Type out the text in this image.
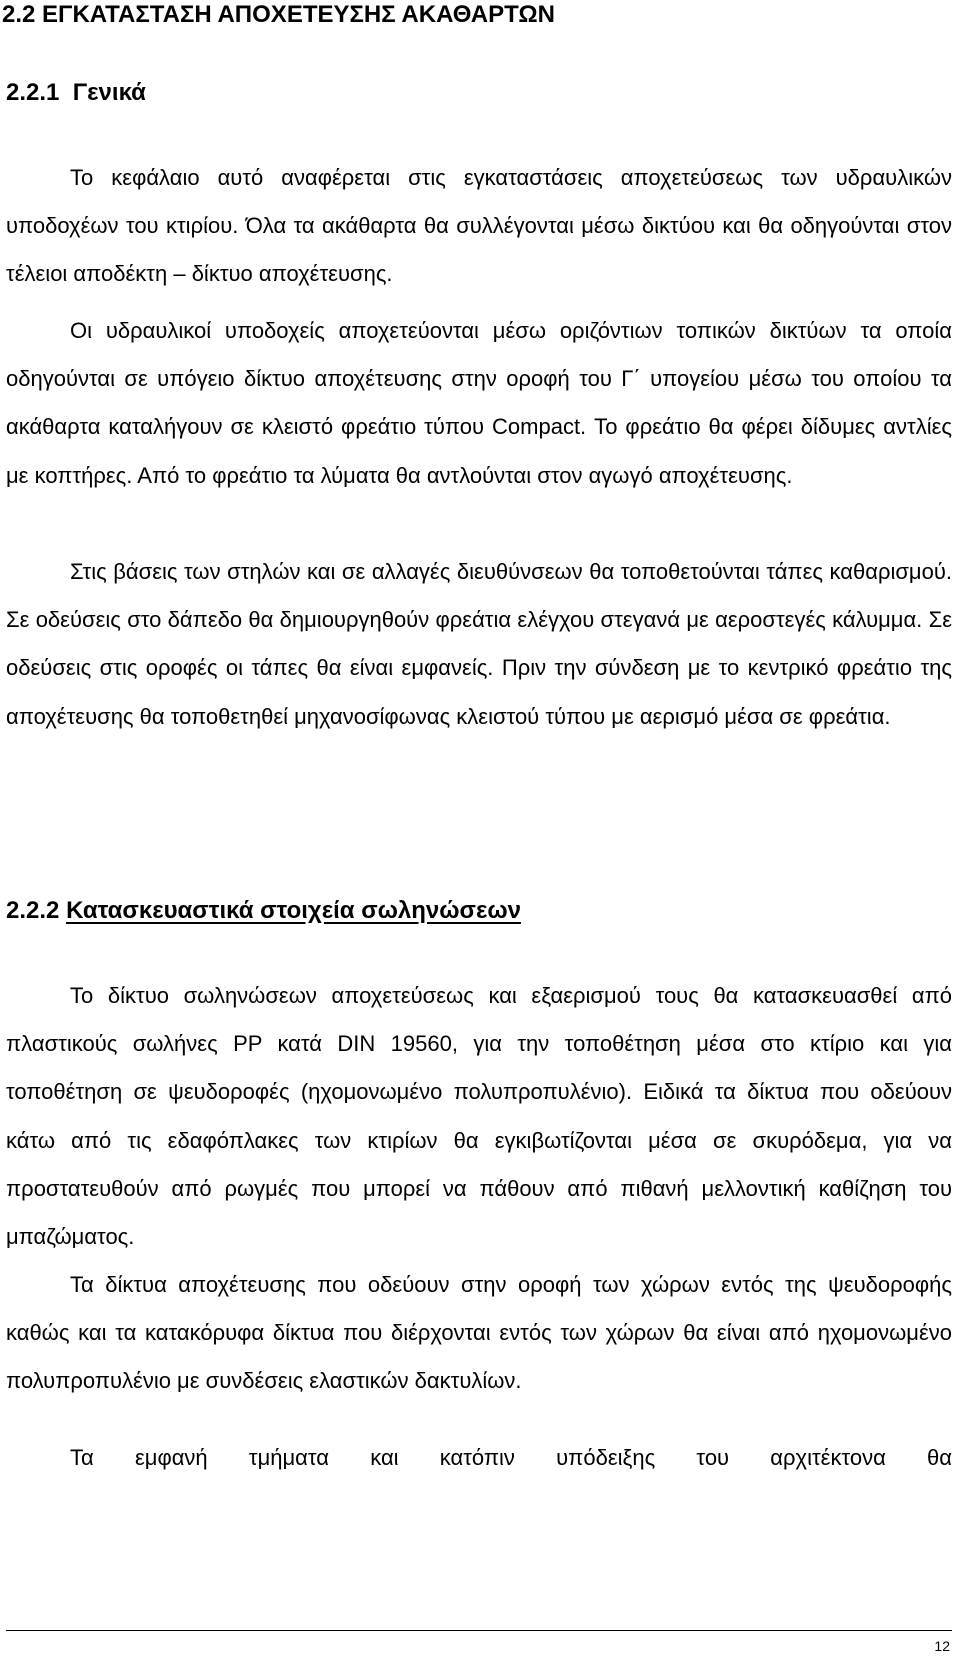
2.2 ΕΓΚΑΤΑΣΤΑΣΗ ΑΠΟΧΕΤΕΥΣΗΣ ΑΚΑΘΑΡΤΩΝ
2.2.1 Γενικά

Το κεφάλαιο αυτό αναφέρεται στις εγκαταστάσεις αποχετεύσεως των υδραυλικών υποδοχέων του κτιρίου. Όλα τα ακάθαρτα θα συλλέγονται μέσω δικτύου και θα οδηγούνται στον τέλειοι αποδέκτη – δίκτυο αποχέτευσης.

Οι υδραυλικοί υποδοχείς αποχετεύονται μέσω οριζόντιων τοπικών δικτύων τα οποία οδηγούνται σε υπόγειο δίκτυο αποχέτευσης στην οροφή του Γ΄ υπογείου μέσω του οποίου τα ακάθαρτα καταλήγουν σε κλειστό φρεάτιο τύπου Compact. Το φρεάτιο θα φέρει δίδυμες αντλίες με κοπτήρες. Από το φρεάτιο τα λύματα θα αντλούνται στον αγωγό αποχέτευσης.

Στις βάσεις των στηλών και σε αλλαγές διευθύνσεων θα τοποθετούνται τάπες καθαρισμού. Σε οδεύσεις στο δάπεδο θα δημιουργηθούν φρεάτια ελέγχου στεγανά με αεροστεγές κάλυμμα. Σε οδεύσεις στις οροφές οι τάπες θα είναι εμφανείς. Πριν την σύνδεση με το κεντρικό φρεάτιο της αποχέτευσης θα τοποθετηθεί μηχανοσίφωνας κλειστού τύπου με αερισμό μέσα σε φρεάτια.

2.2.2 Κατασκευαστικά στοιχεία σωληνώσεων

Το δίκτυο σωληνώσεων αποχετεύσεως και εξαερισμού τους θα κατασκευασθεί από πλαστικούς σωλήνες PP κατά DIN 19560, για την τοποθέτηση μέσα στο κτίριο και για τοποθέτηση σε ψευδοροφές (ηχομονωμένο πολυπροπυλένιο). Ειδικά τα δίκτυα που οδεύουν κάτω από τις εδαφόπλακες των κτιρίων θα εγκιβωτίζονται μέσα σε σκυρόδεμα, για να προστατευθούν από ρωγμές που μπορεί να πάθουν από πιθανή μελλοντική καθίζηση του μπαζώματος.

Τα δίκτυα αποχέτευσης που οδεύουν στην οροφή των χώρων εντός της ψευδοροφής καθώς και τα κατακόρυφα δίκτυα που διέρχονται εντός των χώρων θα είναι από ηχομονωμένο πολυπροπυλένιο με συνδέσεις ελαστικών δακτυλίων.

Τα εμφανή τμήματα και κατόπιν υπόδειξης του αρχιτέκτονα θα

12
